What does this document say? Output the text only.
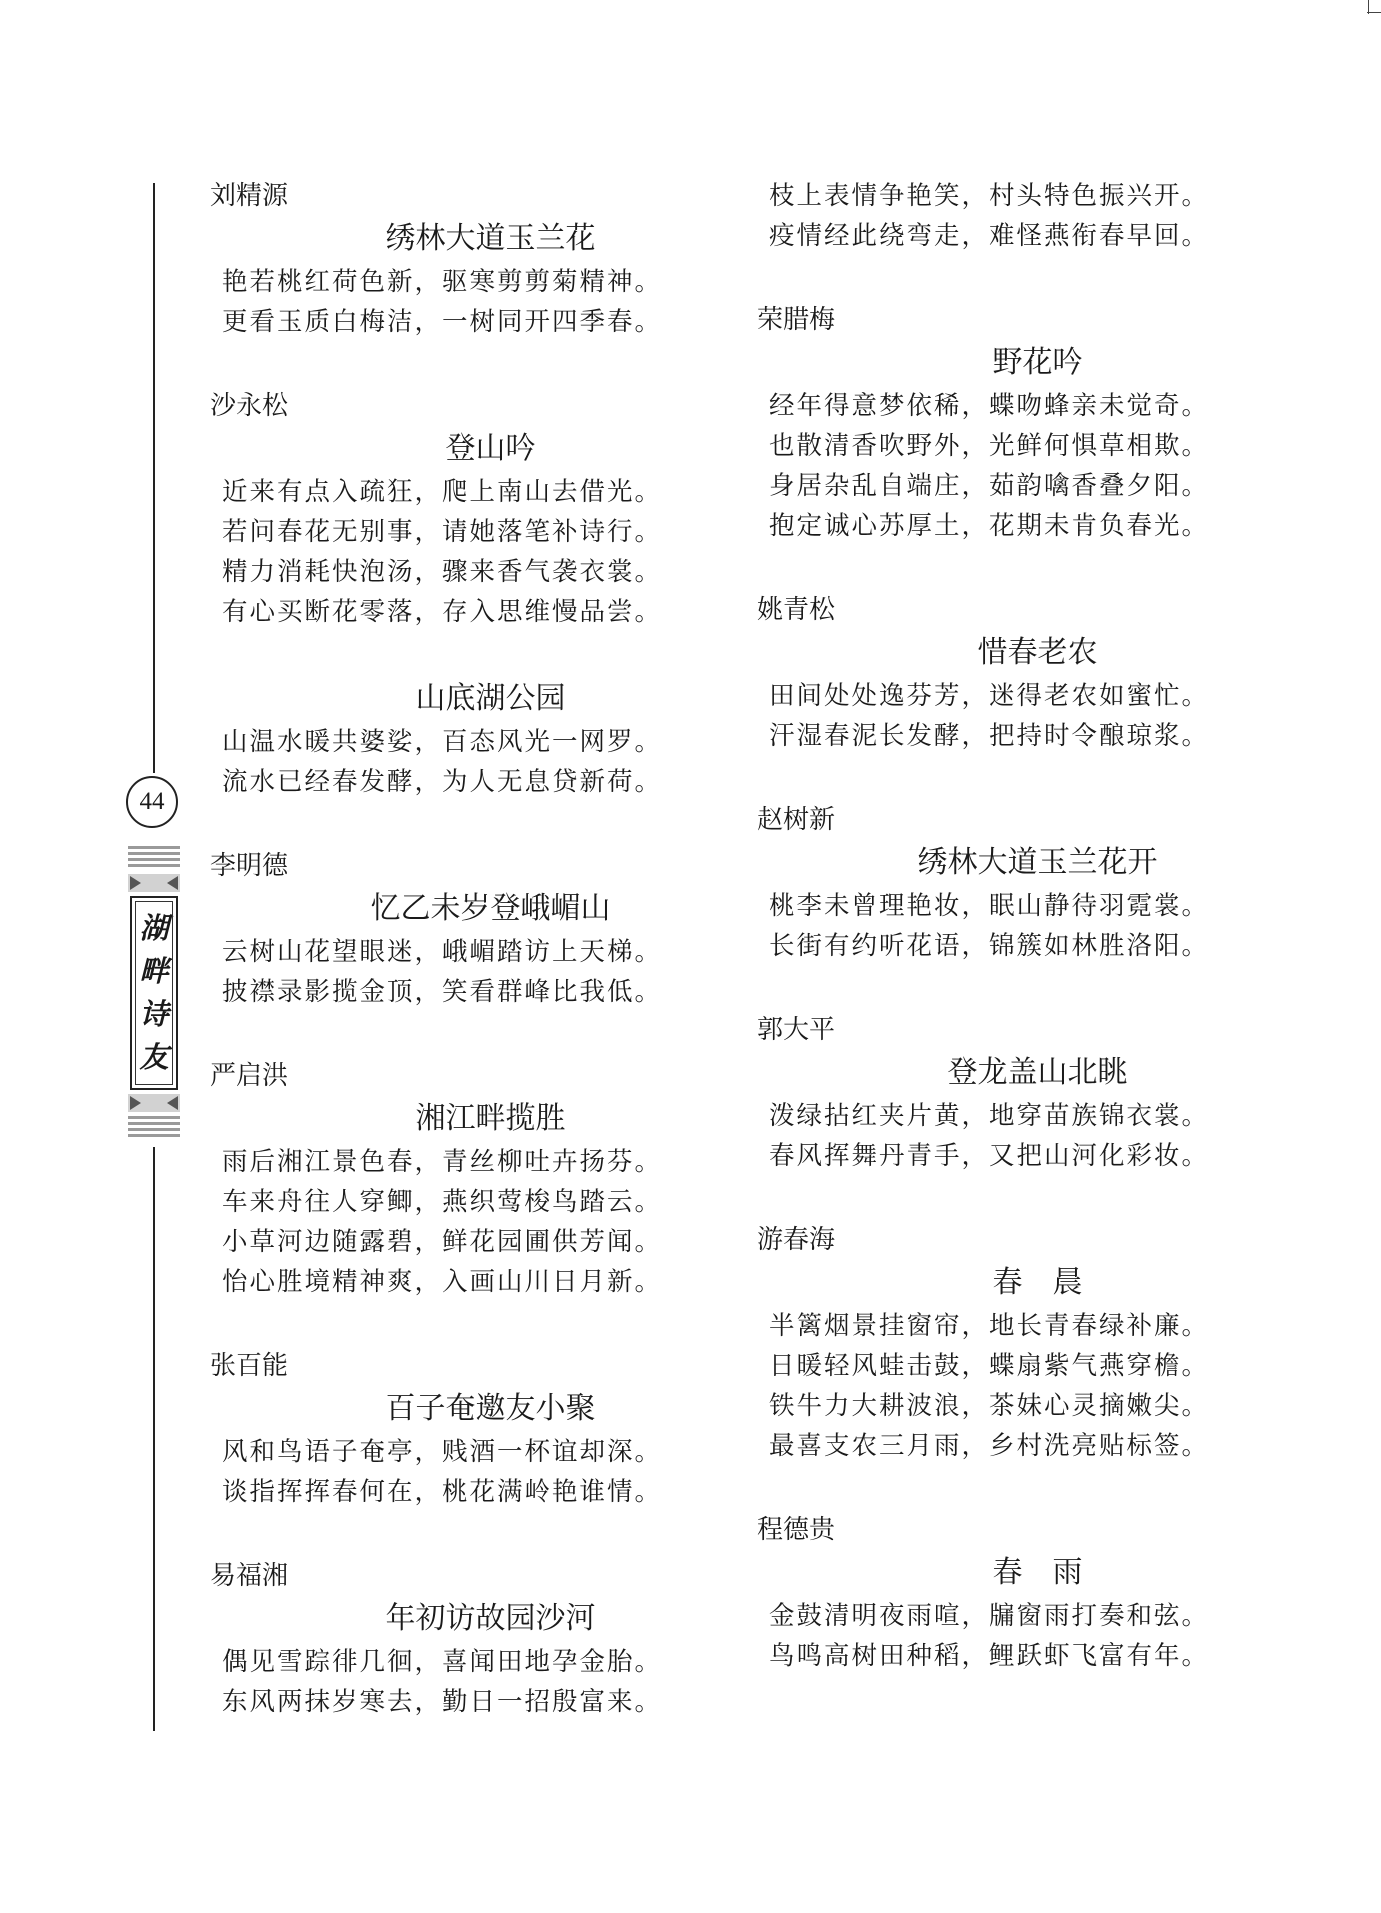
44
湖
畔
诗
友
刘精源
绣林大道玉兰花
艳若桃红荷色新，驱寒剪剪菊精神。
更看玉质白梅洁，一树同开四季春。
沙永松
登山吟
近来有点入疏狂，爬上南山去借光。
若问春花无别事，请她落笔补诗行。
精力消耗快泡汤，骤来香气袭衣裳。
有心买断花零落，存入思维慢品尝。
山底湖公园
山温水暖共婆娑，百态风光一网罗。
流水已经春发酵，为人无息贷新荷。
李明德
忆乙未岁登峨嵋山
云树山花望眼迷，峨嵋踏访上天梯。
披襟录影揽金顶，笑看群峰比我低。
严启洪
湘江畔揽胜
雨后湘江景色春，青丝柳吐卉扬芬。
车来舟往人穿鲫，燕织莺梭鸟踏云。
小草河边随露碧，鲜花园圃供芳闻。
怡心胜境精神爽，入画山川日月新。
张百能
百子奄邀友小聚
风和鸟语子奄亭，贱酒一杯谊却深。
谈指挥挥春何在，桃花满岭艳谁情。
易福湘
年初访故园沙河
偶见雪踪徘几徊，喜闻田地孕金胎。
东风两抹岁寒去，勤日一招殷富来。
枝上表情争艳笑，村头特色振兴开。
疫情经此绕弯走，难怪燕衔春早回。
荣腊梅
野花吟
经年得意梦依稀，蝶吻蜂亲未觉奇。
也散清香吹野外，光鲜何惧草相欺。
身居杂乱自端庄，茹韵噙香叠夕阳。
抱定诚心苏厚土，花期未肯负春光。
姚青松
惜春老农
田间处处逸芬芳，迷得老农如蜜忙。
汗湿春泥长发酵，把持时令酿琼浆。
赵树新
绣林大道玉兰花开
桃李未曾理艳妆，眠山静待羽霓裳。
长街有约听花语，锦簇如林胜洛阳。
郭大平
登龙盖山北眺
泼绿拈红夹片黄，地穿苗族锦衣裳。
春风挥舞丹青手，又把山河化彩妆。
游春海
春　晨
半篱烟景挂窗帘，地长青春绿补廉。
日暖轻风蛙击鼓，蝶扇紫气燕穿檐。
铁牛力大耕波浪，茶妹心灵摘嫩尖。
最喜支农三月雨，乡村洗亮贴标签。
程德贵
春　雨
金鼓清明夜雨喧，牖窗雨打奏和弦。
鸟鸣高树田种稻，鲤跃虾飞富有年。
